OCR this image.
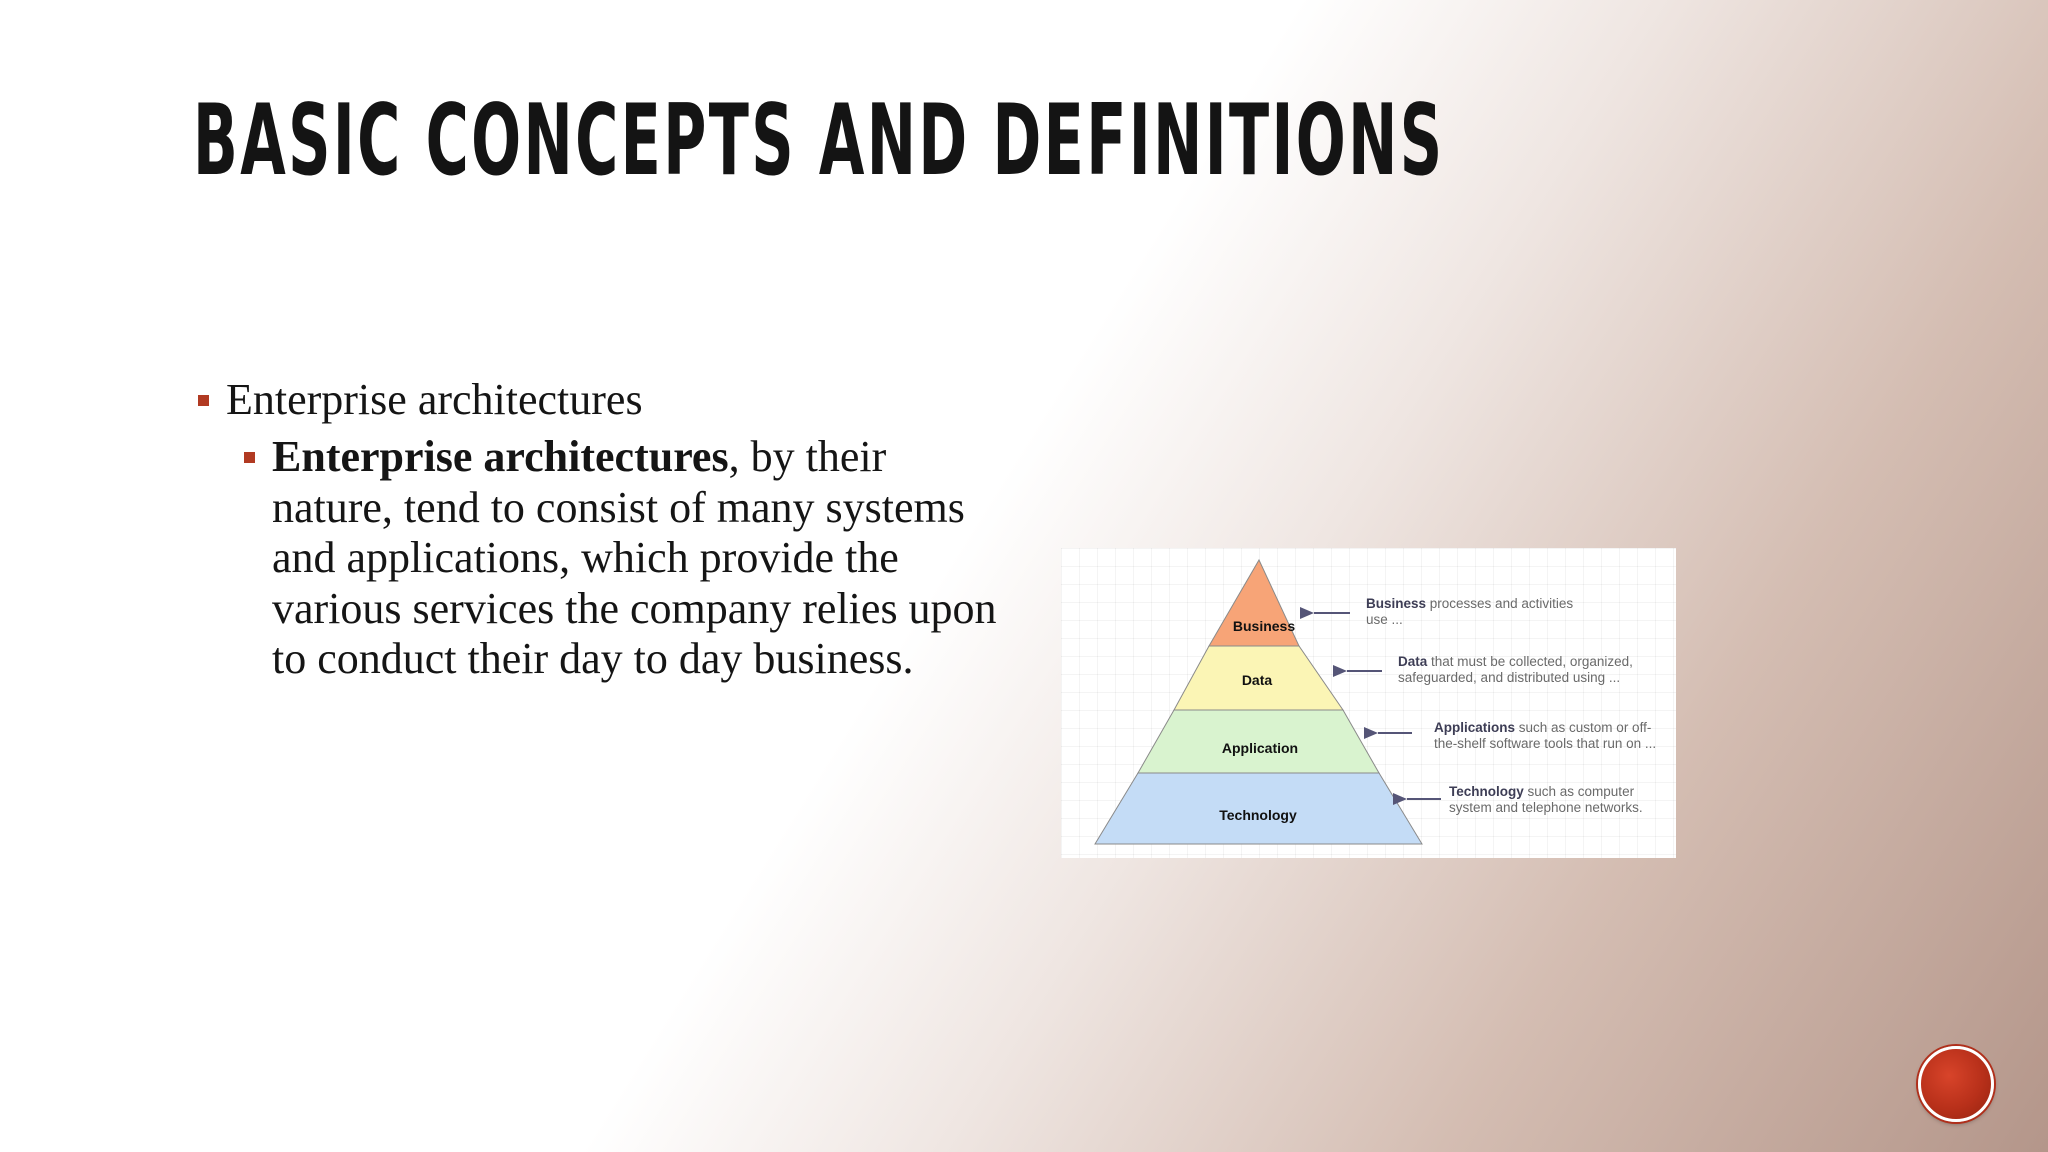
BASIC CONCEPTS AND DEFINITIONS
Enterprise architectures
Enterprise architectures, by their nature, tend to consist of many systems and applications, which provide the various services the company relies upon to conduct their day to day business.
Business
Data
Application
Technology

Business processes and activities
use ...

Data that must be collected, organized,
safeguarded, and distributed using ...

Applications such as custom or off-
the-shelf software tools that run on ...

Technology such as computer
system and telephone networks.
